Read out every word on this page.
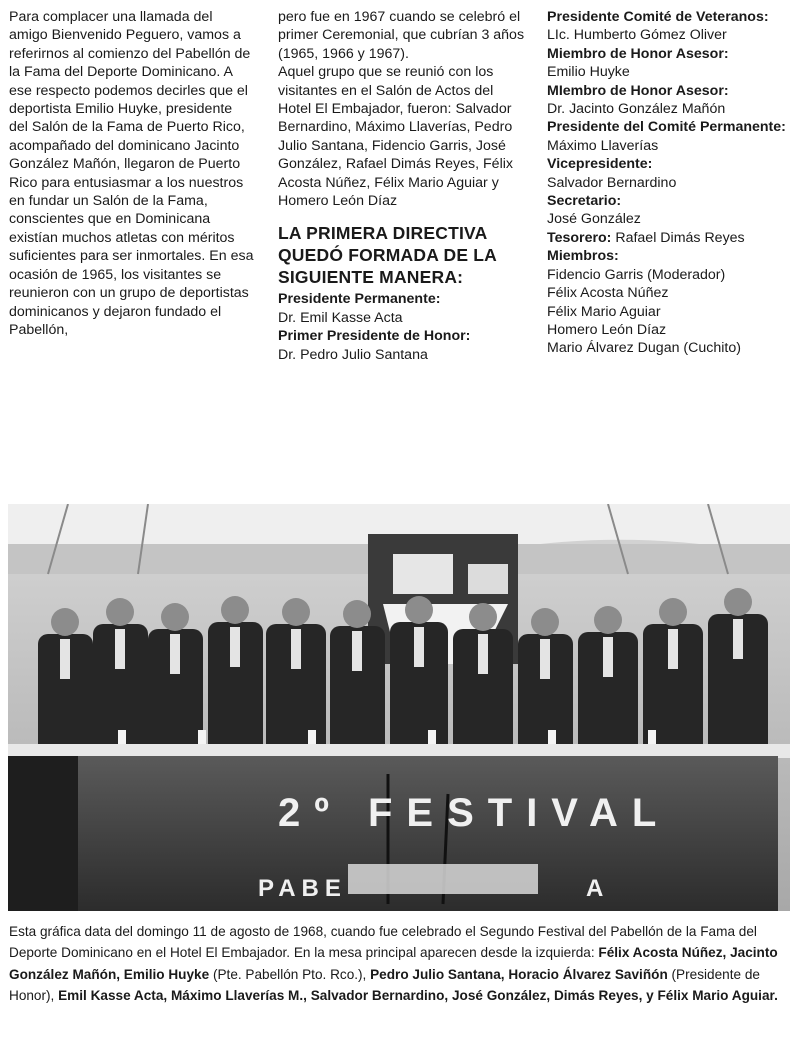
Para complacer una llamada del amigo Bienvenido Peguero, vamos a referirnos al comienzo del Pabellón de la Fama del Deporte Dominicano. A ese respecto podemos decirles que el deportista Emilio Huyke, presidente del Salón de la Fama de Puerto Rico, acompañado del dominicano Jacinto González Mañón, llegaron de Puerto Rico para entusiasmar a los nuestros en fundar un Salón de la Fama, conscientes que en Dominicana existían muchos atletas con méritos suficientes para ser inmortales. En esa ocasión de 1965, los visitantes se reunieron con un grupo de deportistas dominicanos y dejaron fundado el Pabellón,

pero fue en 1967 cuando se celebró el primer Ceremonial, que cubrían 3 años (1965, 1966 y 1967).

Aquel grupo que se reunió con los visitantes en el Salón de Actos del Hotel El Embajador, fueron: Salvador Bernardino, Máximo Llaverías, Pedro Julio Santana, Fidencio Garris, José González, Rafael Dimás Reyes, Félix Acosta Núñez, Félix Mario Aguiar y Homero León Díaz

LA PRIMERA DIRECTIVA QUEDÓ FORMADA DE LA SIGUIENTE MANERA:
Presidente Permanente:
Dr. Emil Kasse Acta
Primer Presidente de Honor:
Dr. Pedro Julio Santana
Presidente Comité de Veteranos:
LIc. Humberto Gómez Oliver
Miembro de Honor Asesor:
Emilio Huyke
MIembro de Honor Asesor:
Dr. Jacinto González Mañón
Presidente del Comité Permanente:
Máximo Llaverías
Vicepresidente:
Salvador Bernardino
Secretario:
José González
Tesorero: Rafael Dimás Reyes
Miembros:
Fidencio Garris (Moderador)
Félix Acosta Núñez
Félix Mario Aguiar
Homero León Díaz
Mario Álvarez Dugan (Cuchito)
2º FESTIVAL
PABE	A
Esta gráfica data del domingo 11 de agosto de 1968, cuando fue celebrado el Segundo Festival del Pabellón de la Fama del Deporte Dominicano en el Hotel El Embajador. En la mesa principal aparecen desde la izquierda: Félix Acosta Núñez, Jacinto González Mañón, Emilio Huyke (Pte. Pabellón Pto. Rco.), Pedro Julio Santana, Horacio Álvarez Saviñón (Presidente de Honor), Emil Kasse Acta, Máximo Llaverías M., Salvador Bernardino, José González, Dimás Reyes, y Félix Mario Aguiar.
